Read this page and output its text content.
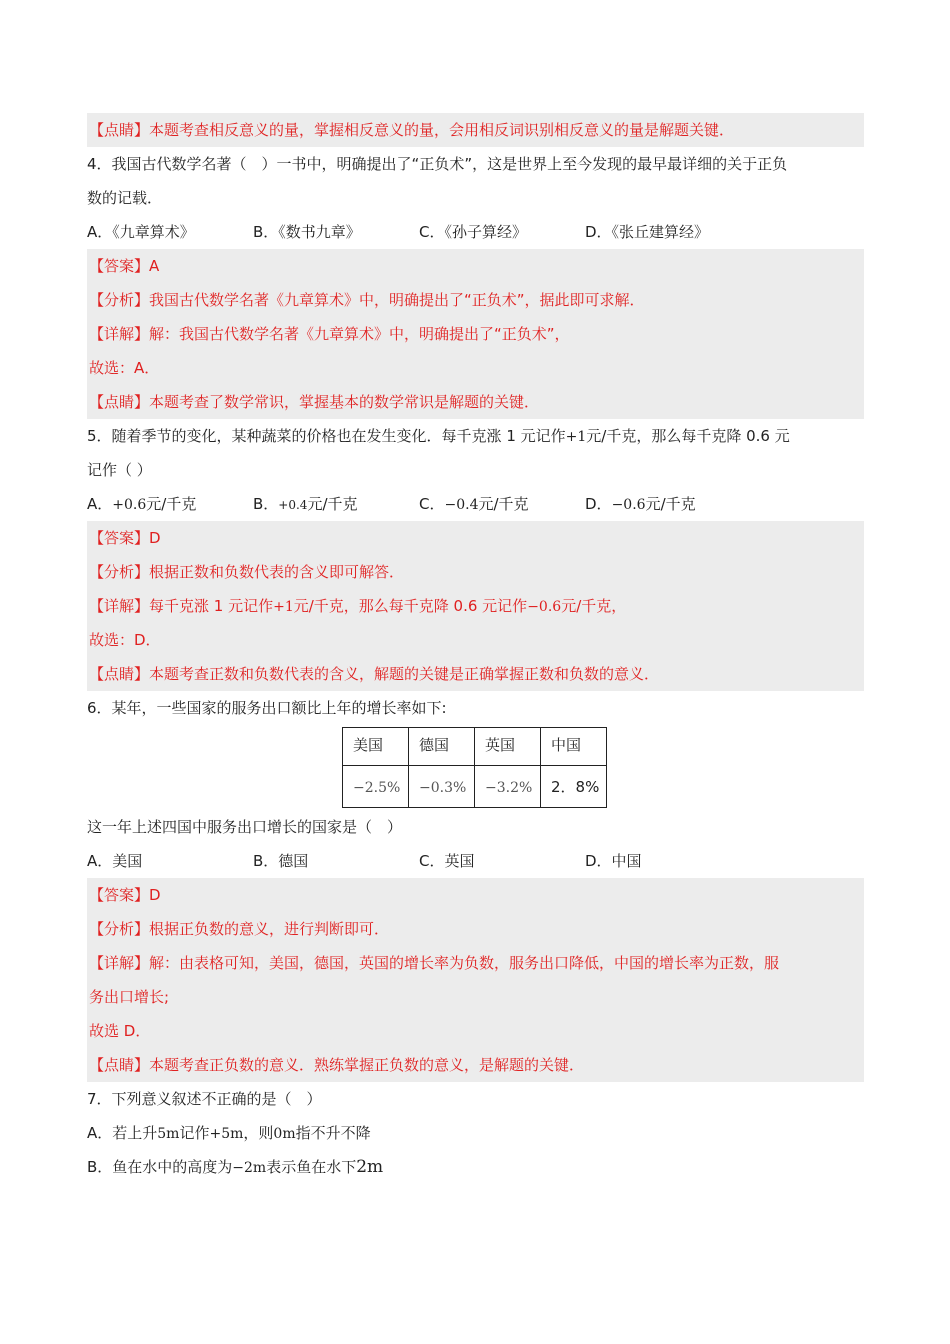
【点睛】本题考查相反意义的量，掌握相反意义的量，会用相反词识别相反意义的量是解题关键．
4．我国古代数学名著（　）一书中，明确提出了“正负术”，这是世界上至今发现的最早最详细的关于正负
数的记载．
A．《九章算术》	B．《数书九章》	C．《孙子算经》	D．《张丘建算经》
【答案】A
【分析】我国古代数学名著《九章算术》中，明确提出了“正负术”，据此即可求解．
【详解】解：我国古代数学名著《九章算术》中，明确提出了“正负术”，
故选：A．
【点睛】本题考查了数学常识，掌握基本的数学常识是解题的关键．
5．随着季节的变化，某种蔬菜的价格也在发生变化．每千克涨 1 元记作+1元/千克，那么每千克降 0.6 元
记作（ ）
A．+0.6元/千克	B．+0.4元/千克	C．−0.4元/千克	D．−0.6元/千克
【答案】D
【分析】根据正数和负数代表的含义即可解答．
【详解】每千克涨 1 元记作+1元/千克，那么每千克降 0.6 元记作−0.6元/千克，
故选：D．
【点睛】本题考查正数和负数代表的含义，解题的关键是正确掌握正数和负数的意义．
6．某年，一些国家的服务出口额比上年的增长率如下:
美国	德国	英国	中国
−2.5%	−0.3%	−3.2%	2．8%
这一年上述四国中服务出口增长的国家是（　）
A．美国	B．德国	C．英国	D．中国
【答案】D
【分析】根据正负数的意义，进行判断即可．
【详解】解：由表格可知，美国，德国，英国的增长率为负数，服务出口降低，中国的增长率为正数，服
务出口增长;
故选 D．
【点睛】本题考查正负数的意义．熟练掌握正负数的意义，是解题的关键．
7．下列意义叙述不正确的是（　）
A．若上升5m记作+5m，则0m指不升不降
B．鱼在水中的高度为−2m表示鱼在水下2m
